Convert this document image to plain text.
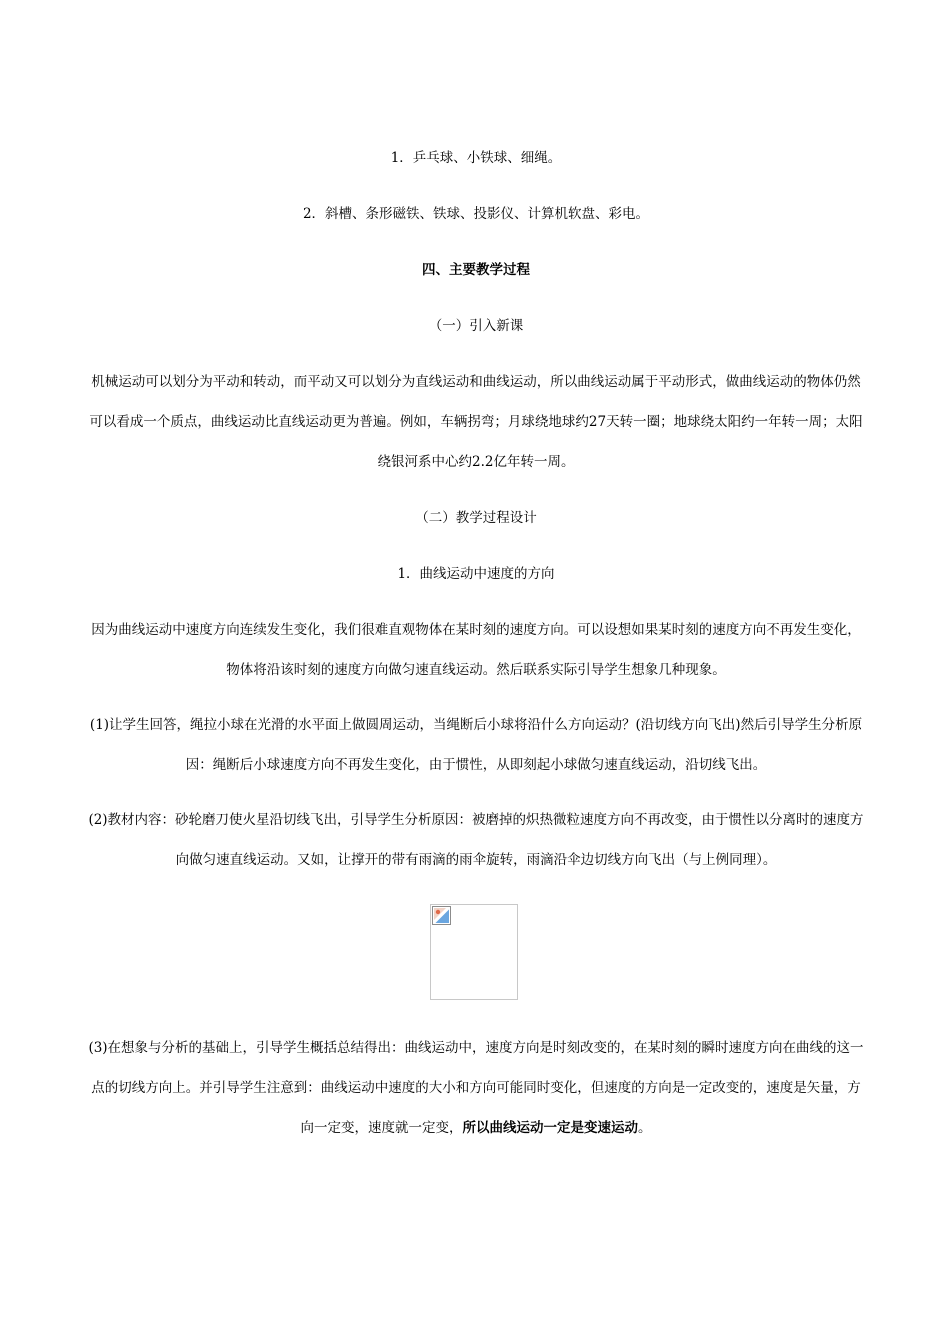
1．乒乓球、小铁球、细绳。

2．斜槽、条形磁铁、铁球、投影仪、计算机软盘、彩电。

四、主要教学过程

（一）引入新课

机械运动可以划分为平动和转动，而平动又可以划分为直线运动和曲线运动，所以曲线运动属于平动形式，做曲线运动的物体仍然可以看成一个质点，曲线运动比直线运动更为普遍。例如，车辆拐弯；月球绕地球约27天转一圈；地球绕太阳约一年转一周；太阳绕银河系中心约2.2亿年转一周。

（二）教学过程设计

1．曲线运动中速度的方向

因为曲线运动中速度方向连续发生变化，我们很难直观物体在某时刻的速度方向。可以设想如果某时刻的速度方向不再发生变化，物体将沿该时刻的速度方向做匀速直线运动。然后联系实际引导学生想象几种现象。

(1)让学生回答，绳拉小球在光滑的水平面上做圆周运动，当绳断后小球将沿什么方向运动？(沿切线方向飞出)然后引导学生分析原因：绳断后小球速度方向不再发生变化，由于惯性，从即刻起小球做匀速直线运动，沿切线飞出。

(2)教材内容：砂轮磨刀使火星沿切线飞出，引导学生分析原因：被磨掉的炽热微粒速度方向不再改变，由于惯性以分离时的速度方向做匀速直线运动。又如，让撑开的带有雨滴的雨伞旋转，雨滴沿伞边切线方向飞出（与上例同理）。

(3)在想象与分析的基础上，引导学生概括总结得出：曲线运动中，速度方向是时刻改变的，在某时刻的瞬时速度方向在曲线的这一点的切线方向上。并引导学生注意到：曲线运动中速度的大小和方向可能同时变化，但速度的方向是一定改变的，速度是矢量，方向一定变，速度就一定变，所以曲线运动一定是变速运动。
